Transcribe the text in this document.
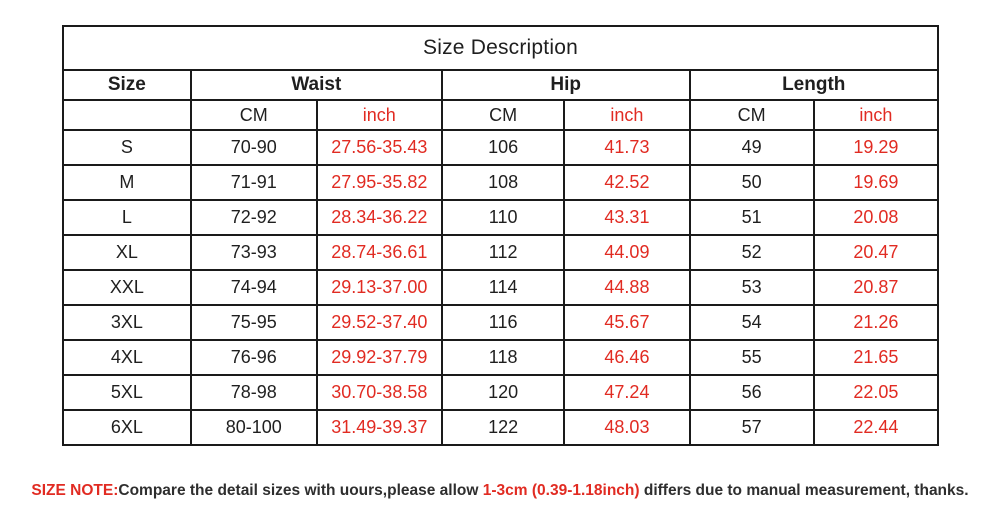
Size Description						
Size	Waist		Hip		Length	
	CM	inch	CM	inch	CM	inch
S	70-90	27.56-35.43	106	41.73	49	19.29
M	71-91	27.95-35.82	108	42.52	50	19.69
L	72-92	28.34-36.22	110	43.31	51	20.08
XL	73-93	28.74-36.61	112	44.09	52	20.47
XXL	74-94	29.13-37.00	114	44.88	53	20.87
3XL	75-95	29.52-37.40	116	45.67	54	21.26
4XL	76-96	29.92-37.79	118	46.46	55	21.65
5XL	78-98	30.70-38.58	120	47.24	56	22.05
6XL	80-100	31.49-39.37	122	48.03	57	22.44
SIZE NOTE:Compare the detail sizes with uours,please allow 1-3cm (0.39-1.18inch) differs due to manual measurement, thanks.
